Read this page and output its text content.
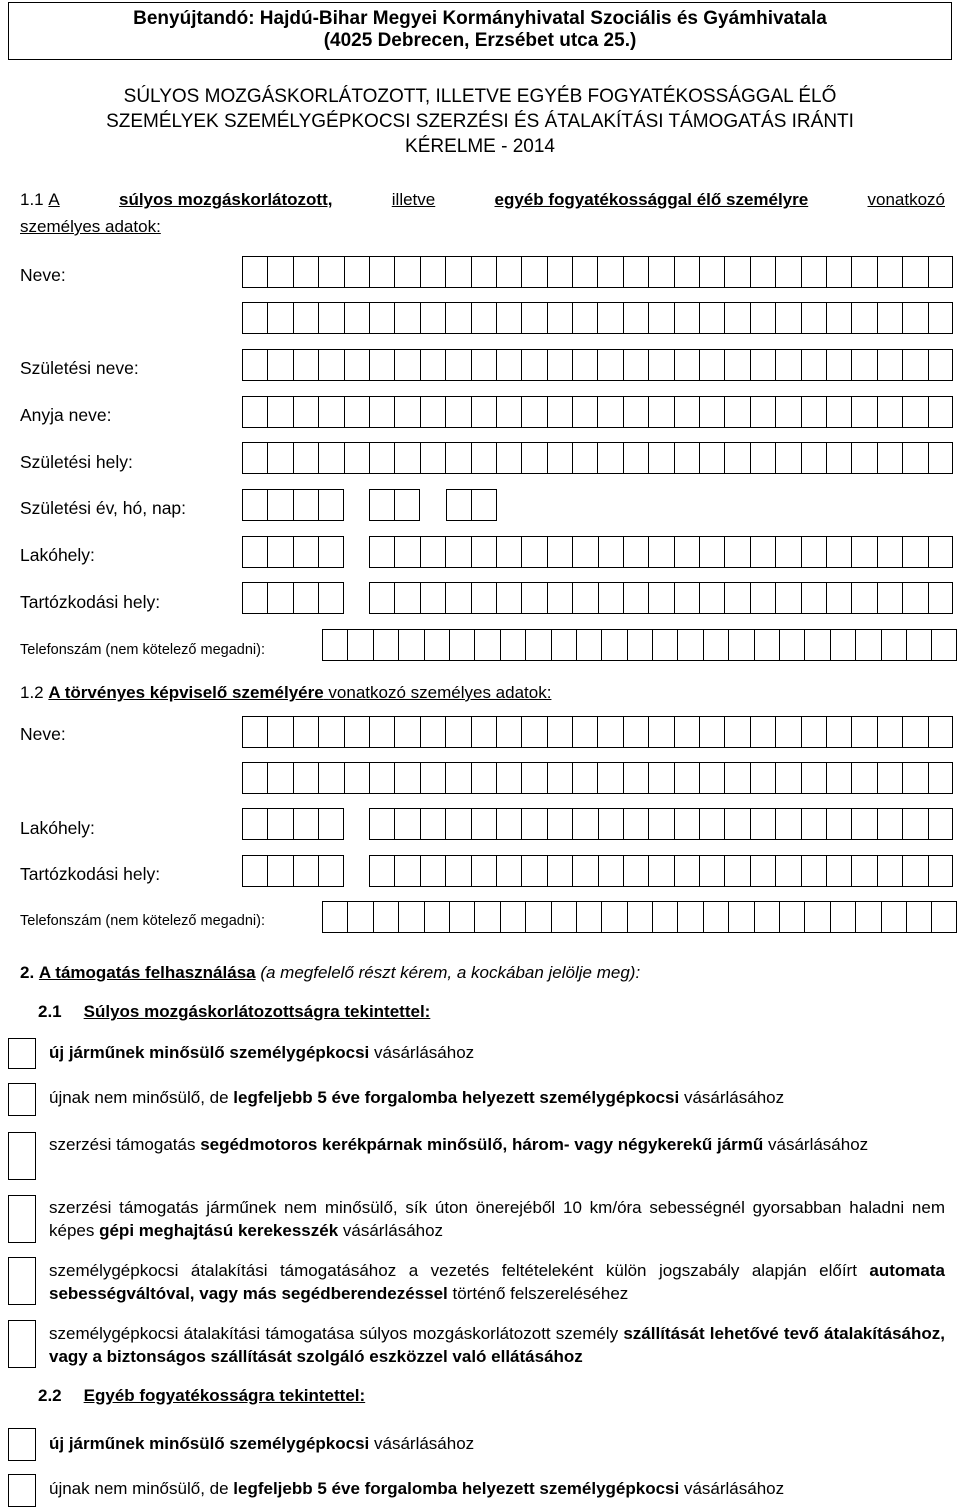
Benyújtandó: Hajdú-Bihar Megyei Kormányhivatal Szociális és Gyámhivatala
(4025 Debrecen, Erzsébet utca 25.)
SÚLYOS MOZGÁSKORLÁTOZOTT, ILLETVE EGYÉB FOGYATÉKOSSÁGGAL ÉLŐ
SZEMÉLYEK SZEMÉLYGÉPKOCSI SZERZÉSI ÉS ÁTALAKÍTÁSI TÁMOGATÁS IRÁNTI
KÉRELME - 2014
1.1 A	súlyos mozgáskorlátozott,	illetve	egyéb fogyatékossággal élő személyre	vonatkozó
személyes adatok:
Neve:
Születési neve:
Anyja neve:
Születési hely:
Születési év, hó, nap:
Lakóhely:
Tartózkodási hely:
Telefonszám (nem kötelező megadni):
1.2 A törvényes képviselő személyére vonatkozó személyes adatok:
Neve:
Lakóhely:
Tartózkodási hely:
Telefonszám (nem kötelező megadni):
2. A támogatás felhasználása (a megfelelő részt kérem, a kockában jelölje meg):
2.1 Súlyos mozgáskorlátozottságra tekintettel:
új járműnek minősülő személygépkocsi vásárlásához
újnak nem minősülő, de legfeljebb 5 éve forgalomba helyezett személygépkocsi vásárlásához
szerzési támogatás segédmotoros kerékpárnak minősülő, három- vagy négykerekű jármű vásárlásához
szerzési támogatás járműnek nem minősülő, sík úton önerejéből 10 km/óra sebességnél gyorsabban haladni nem képes gépi meghajtású kerekesszék vásárlásához
személygépkocsi átalakítási támogatásához a vezetés feltételeként külön jogszabály alapján előírt automata sebességváltóval, vagy más segédberendezéssel történő felszereléséhez
személygépkocsi átalakítási támogatása súlyos mozgáskorlátozott személy szállítását lehetővé tevő átalakításához, vagy a biztonságos szállítását szolgáló eszközzel való ellátásához
2.2 Egyéb fogyatékosságra tekintettel:
új járműnek minősülő személygépkocsi vásárlásához
újnak nem minősülő, de legfeljebb 5 éve forgalomba helyezett személygépkocsi vásárlásához
